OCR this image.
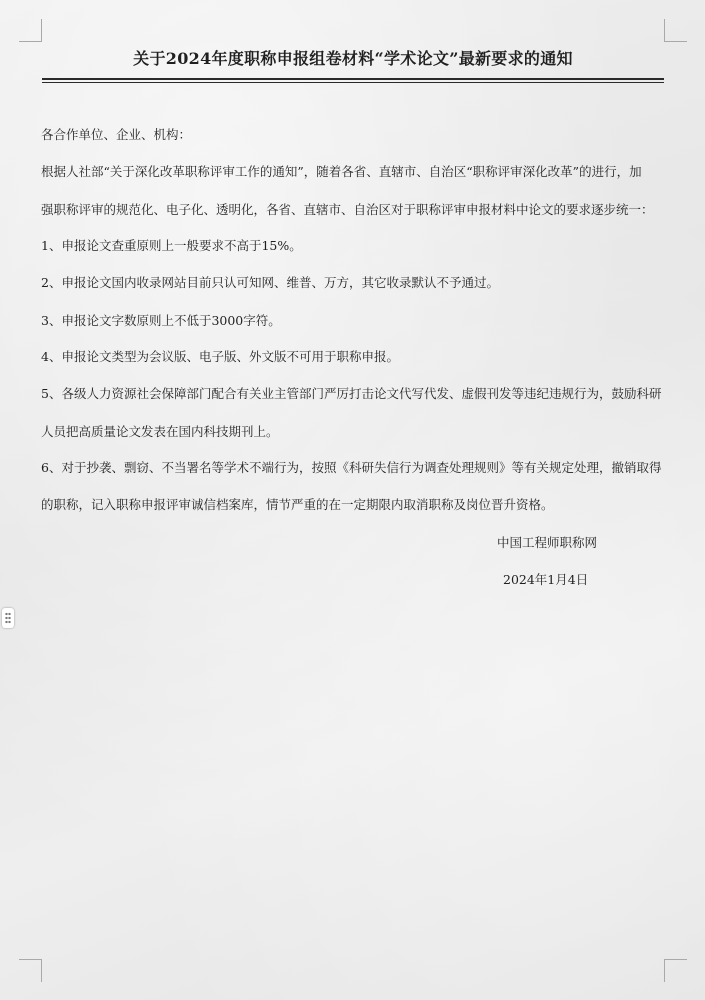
关于2024年度职称申报组卷材料“学术论文”最新要求的通知
各合作单位、企业、机构：
根据人社部“关于深化改革职称评审工作的通知”，随着各省、直辖市、自治区“职称评审深化改革”的进行，加
强职称评审的规范化、电子化、透明化，各省、直辖市、自治区对于职称评审申报材料中论文的要求逐步统一：
1、申报论文查重原则上一般要求不高于15%。
2、申报论文国内收录网站目前只认可知网、维普、万方，其它收录默认不予通过。
3、申报论文字数原则上不低于3000字符。
4、申报论文类型为会议版、电子版、外文版不可用于职称申报。
5、各级人力资源社会保障部门配合有关业主管部门严厉打击论文代写代发、虚假刊发等违纪违规行为，鼓励科研
人员把高质量论文发表在国内科技期刊上。
6、对于抄袭、剽窃、不当署名等学术不端行为，按照《科研失信行为调查处理规则》等有关规定处理，撤销取得
的职称，记入职称申报评审诚信档案库，情节严重的在一定期限内取消职称及岗位晋升资格。
中国工程师职称网
2024年1月4日
